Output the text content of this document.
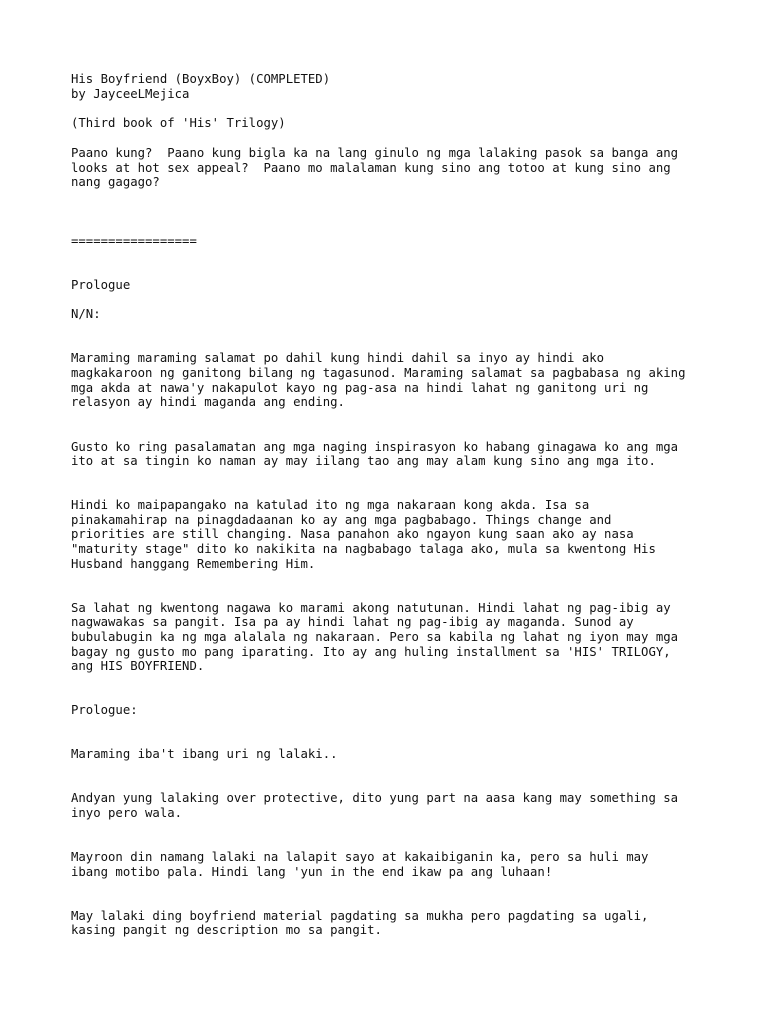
His Boyfriend (BoyxBoy) (COMPLETED)

by JayceeLMejica

(Third book of 'His' Trilogy)

Paano kung?  Paano kung bigla ka na lang ginulo ng mga lalaking pasok sa banga ang

looks at hot sex appeal?  Paano mo malalaman kung sino ang totoo at kung sino ang

nang gagago?

=================

Prologue

N/N:

Maraming maraming salamat po dahil kung hindi dahil sa inyo ay hindi ako

magkakaroon ng ganitong bilang ng tagasunod. Maraming salamat sa pagbabasa ng aking

mga akda at nawa'y nakapulot kayo ng pag-asa na hindi lahat ng ganitong uri ng

relasyon ay hindi maganda ang ending.

Gusto ko ring pasalamatan ang mga naging inspirasyon ko habang ginagawa ko ang mga

ito at sa tingin ko naman ay may iilang tao ang may alam kung sino ang mga ito.

Hindi ko maipapangako na katulad ito ng mga nakaraan kong akda. Isa sa

pinakamahirap na pinagdadaanan ko ay ang mga pagbabago. Things change and

priorities are still changing. Nasa panahon ako ngayon kung saan ako ay nasa

"maturity stage" dito ko nakikita na nagbabago talaga ako, mula sa kwentong His

Husband hanggang Remembering Him.

Sa lahat ng kwentong nagawa ko marami akong natutunan. Hindi lahat ng pag-ibig ay

nagwawakas sa pangit. Isa pa ay hindi lahat ng pag-ibig ay maganda. Sunod ay

bubulabugin ka ng mga alalala ng nakaraan. Pero sa kabila ng lahat ng iyon may mga

bagay ng gusto mo pang iparating. Ito ay ang huling installment sa 'HIS' TRILOGY,

ang HIS BOYFRIEND.

Prologue:

Maraming iba't ibang uri ng lalaki..

Andyan yung lalaking over protective, dito yung part na aasa kang may something sa

inyo pero wala.

Mayroon din namang lalaki na lalapit sayo at kakaibiganin ka, pero sa huli may

ibang motibo pala. Hindi lang 'yun in the end ikaw pa ang luhaan!

May lalaki ding boyfriend material pagdating sa mukha pero pagdating sa ugali,

kasing pangit ng description mo sa pangit.
